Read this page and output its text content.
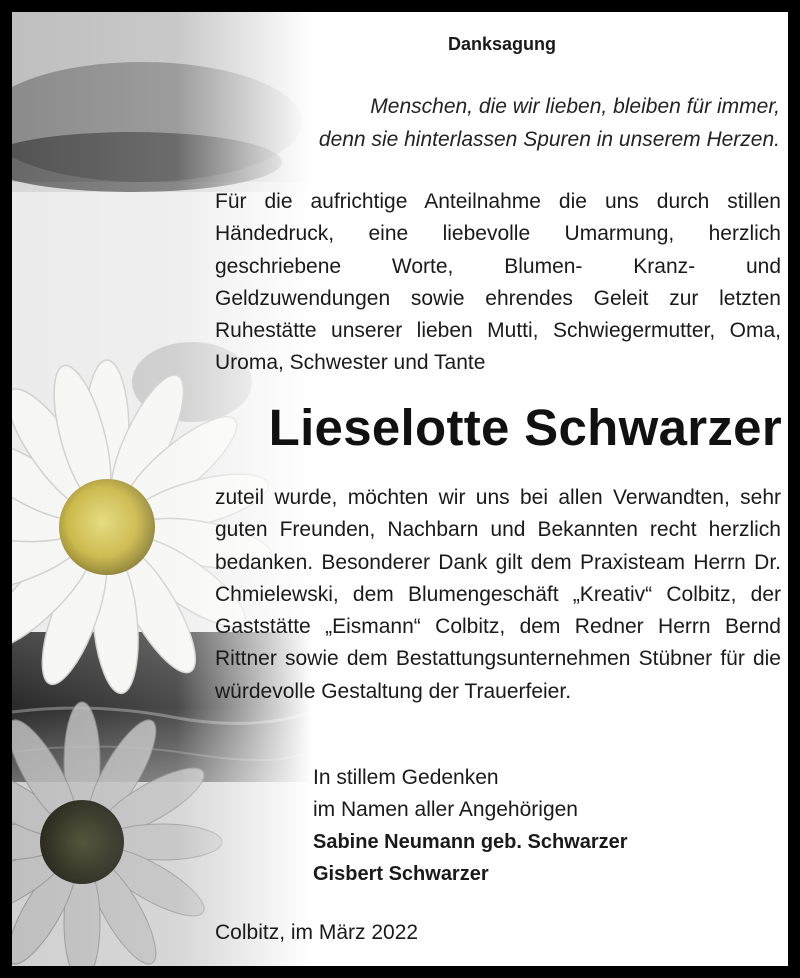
Danksagung
Menschen, die wir lieben, bleiben für immer,
denn sie hinterlassen Spuren in unserem Herzen.
Für die aufrichtige Anteilnahme die uns durch stillen Händedruck, eine liebevolle Umarmung, herzlich geschriebene Worte, Blumen- Kranz- und Geldzuwendungen sowie ehrendes Geleit zur letzten Ruhestätte unserer lieben Mutti, Schwiegermutter, Oma, Uroma, Schwester und Tante
Lieselotte Schwarzer
zuteil wurde, möchten wir uns bei allen Verwandten, sehr guten Freunden, Nachbarn und Bekannten recht herzlich bedanken. Besonderer Dank gilt dem Praxisteam Herrn Dr. Chmielewski, dem Blumengeschäft „Kreativ“ Colbitz, der Gaststätte „Eismann“ Colbitz, dem Redner Herrn Bernd Rittner sowie dem Bestattungsunternehmen Stübner für die würdevolle Gestaltung der Trauerfeier.
In stillem Gedenken
im Namen aller Angehörigen
Sabine Neumann geb. Schwarzer
Gisbert Schwarzer
Colbitz, im März 2022
